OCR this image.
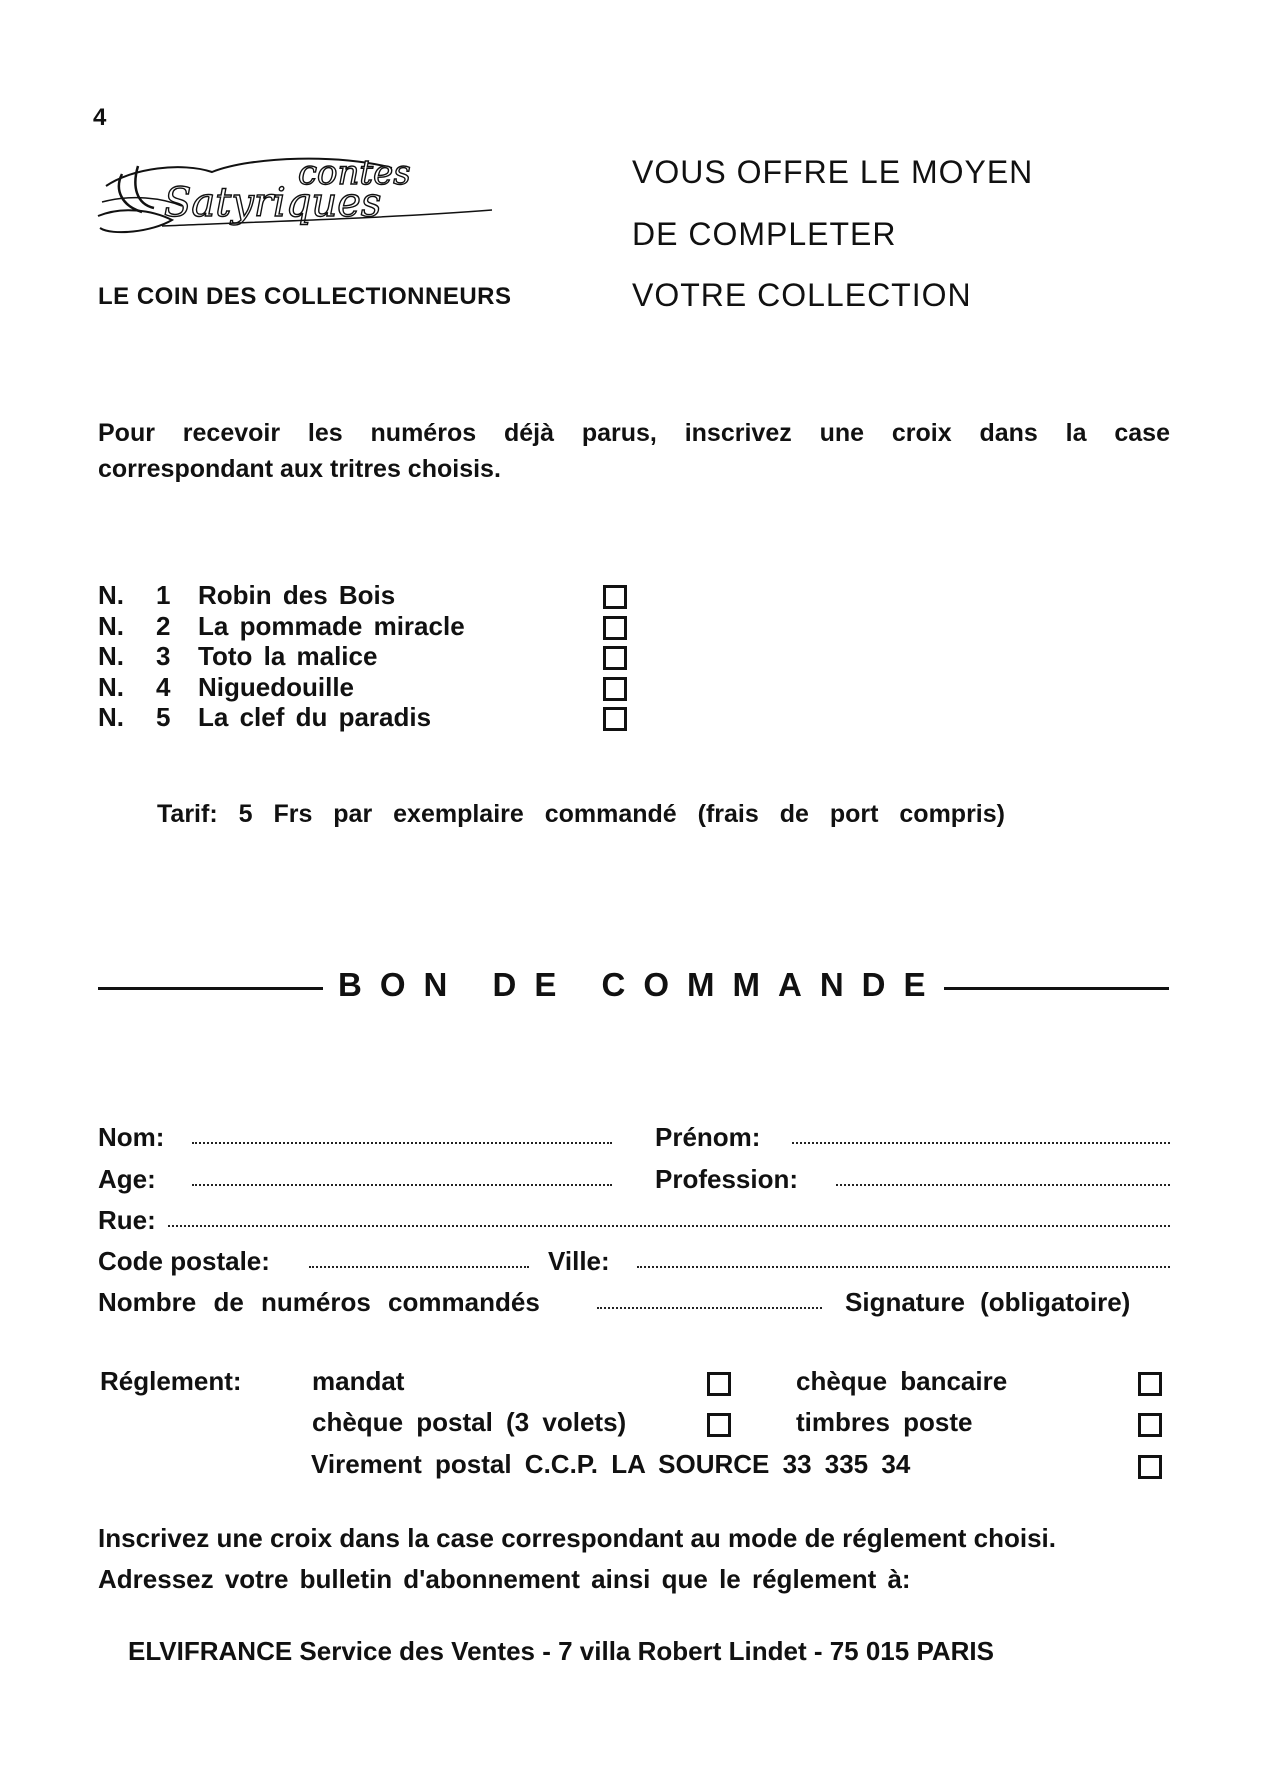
4
contes
Satyriques
LE COIN DES COLLECTIONNEURS
VOUS OFFRE LE MOYEN
DE COMPLETER
VOTRE COLLECTION
Pour recevoir les numéros déjà parus, inscrivez une croix dans la case
correspondant aux tritres choisis.
N. 1 Robin des Bois
N. 2 La pommade miracle
N. 3 Toto la malice
N. 4 Niguedouille
N. 5 La clef du paradis
Tarif: 5 Frs par exemplaire commandé (frais de port compris)
BON DE COMMANDE
Nom:	Prénom:
Age:	Profession:
Rue:
Code postale:	Ville:
Nombre de numéros commandés	Signature (obligatoire)
Réglement:	mandat	chèque bancaire
chèque postal (3 volets)	timbres poste
Virement postal C.C.P. LA SOURCE 33 335 34
Inscrivez une croix dans la case correspondant au mode de réglement choisi.
Adressez votre bulletin d'abonnement ainsi que le réglement à:
ELVIFRANCE Service des Ventes - 7 villa Robert Lindet - 75 015 PARIS
